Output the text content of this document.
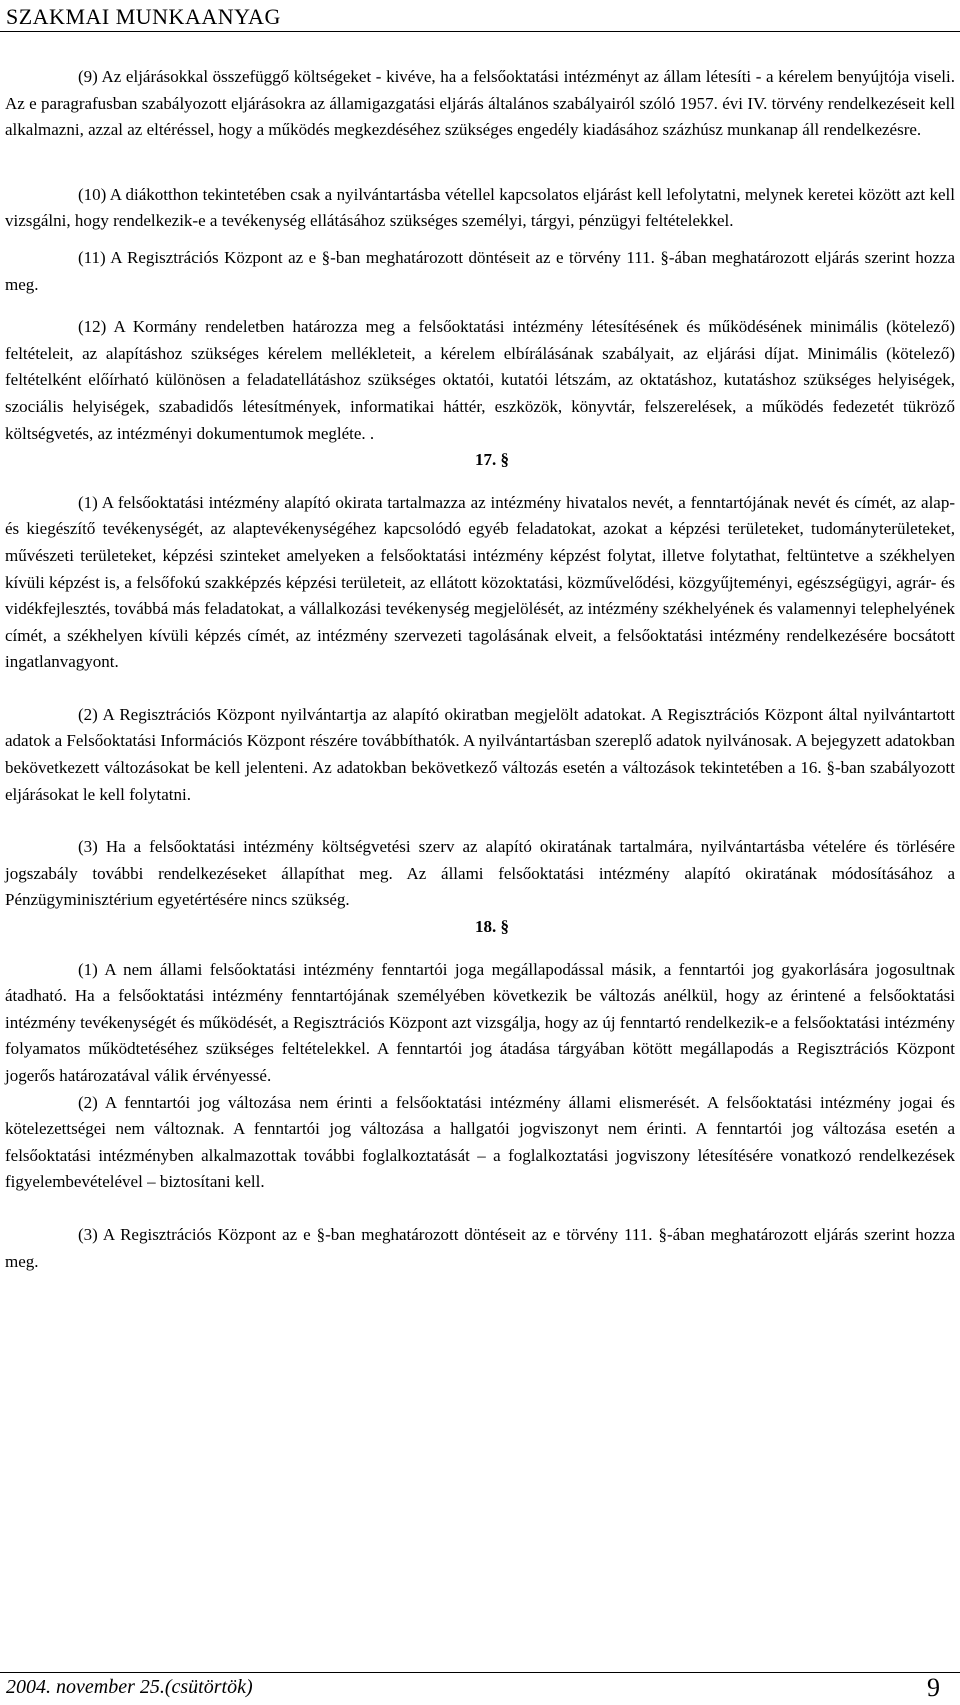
SZAKMAI MUNKAANYAG

(9) Az eljárásokkal összefüggő költségeket - kivéve, ha a felsőoktatási intézményt az állam létesíti - a kérelem benyújtója viseli. Az e paragrafusban szabályozott eljárásokra az államigazgatási eljárás általános szabályairól szóló 1957. évi IV. törvény rendelkezéseit kell alkalmazni, azzal az eltéréssel, hogy a működés megkezdéséhez szükséges engedély kiadásához százhúsz munkanap áll rendelkezésre.

(10) A diákotthon tekintetében csak a nyilvántartásba vétellel kapcsolatos eljárást kell lefolytatni, melynek keretei között azt kell vizsgálni, hogy rendelkezik-e a tevékenység ellátásához szükséges személyi, tárgyi, pénzügyi feltételekkel.

(11) A Regisztrációs Központ az e §-ban meghatározott döntéseit az e törvény 111. §-ában meghatározott eljárás szerint hozza meg.

(12) A Kormány rendeletben határozza meg a felsőoktatási intézmény létesítésének és működésének minimális (kötelező) feltételeit, az alapításhoz szükséges kérelem mellékleteit, a kérelem elbírálásának szabályait, az eljárási díjat. Minimális (kötelező) feltételként előírható különösen a feladatellátáshoz szükséges oktatói, kutatói létszám, az oktatáshoz, kutatáshoz szükséges helyiségek, szociális helyiségek, szabadidős létesítmények, informatikai háttér, eszközök, könyvtár, felszerelések, a működés fedezetét tükröző költségvetés, az intézményi dokumentumok megléte. .

17. §

(1) A felsőoktatási intézmény alapító okirata tartalmazza az intézmény hivatalos nevét, a fenntartójának nevét és címét, az alap- és kiegészítő tevékenységét, az alaptevékenységéhez kapcsolódó egyéb feladatokat, azokat a képzési területeket, tudományterületeket, művészeti területeket, képzési szinteket amelyeken a felsőoktatási intézmény képzést folytat, illetve folytathat, feltüntetve a székhelyen kívüli képzést is, a felsőfokú szakképzés képzési területeit, az ellátott közoktatási, közművelődési, közgyűjteményi, egészségügyi, agrár- és vidékfejlesztés, továbbá más feladatokat, a vállalkozási tevékenység megjelölését, az intézmény székhelyének és valamennyi telephelyének címét, a székhelyen kívüli képzés címét, az intézmény szervezeti tagolásának elveit, a felsőoktatási intézmény rendelkezésére bocsátott ingatlanvagyont.

(2) A Regisztrációs Központ nyilvántartja az alapító okiratban megjelölt adatokat. A Regisztrációs Központ által nyilvántartott adatok a Felsőoktatási Információs Központ részére továbbíthatók. A nyilvántartásban szereplő adatok nyilvánosak. A bejegyzett adatokban bekövetkezett változásokat be kell jelenteni. Az adatokban bekövetkező változás esetén a változások tekintetében a 16. §-ban szabályozott eljárásokat le kell folytatni.

(3) Ha a felsőoktatási intézmény költségvetési szerv az alapító okiratának tartalmára, nyilvántartásba vételére és törlésére jogszabály további rendelkezéseket állapíthat meg. Az állami felsőoktatási intézmény alapító okiratának módosításához a Pénzügyminisztérium egyetértésére nincs szükség.

18. §

(1) A nem állami felsőoktatási intézmény fenntartói joga megállapodással másik, a fenntartói jog gyakorlására jogosultnak átadható. Ha a felsőoktatási intézmény fenntartójának személyében következik be változás anélkül, hogy az érintené a felsőoktatási intézmény tevékenységét és működését, a Regisztrációs Központ azt vizsgálja, hogy az új fenntartó rendelkezik-e a felsőoktatási intézmény folyamatos működtetéséhez szükséges feltételekkel. A fenntartói jog átadása tárgyában kötött megállapodás a Regisztrációs Központ jogerős határozatával válik érvényessé.

(2) A fenntartói jog változása nem érinti a felsőoktatási intézmény állami elismerését. A felsőoktatási intézmény jogai és kötelezettségei nem változnak. A fenntartói jog változása a hallgatói jogviszonyt nem érinti. A fenntartói jog változása esetén a felsőoktatási intézményben alkalmazottak további foglalkoztatását – a foglalkoztatási jogviszony létesítésére vonatkozó rendelkezések figyelembevételével – biztosítani kell.

(3) A Regisztrációs Központ az e §-ban meghatározott döntéseit az e törvény 111. §-ában meghatározott eljárás szerint hozza meg.

2004. november 25.(csütörtök)	9
